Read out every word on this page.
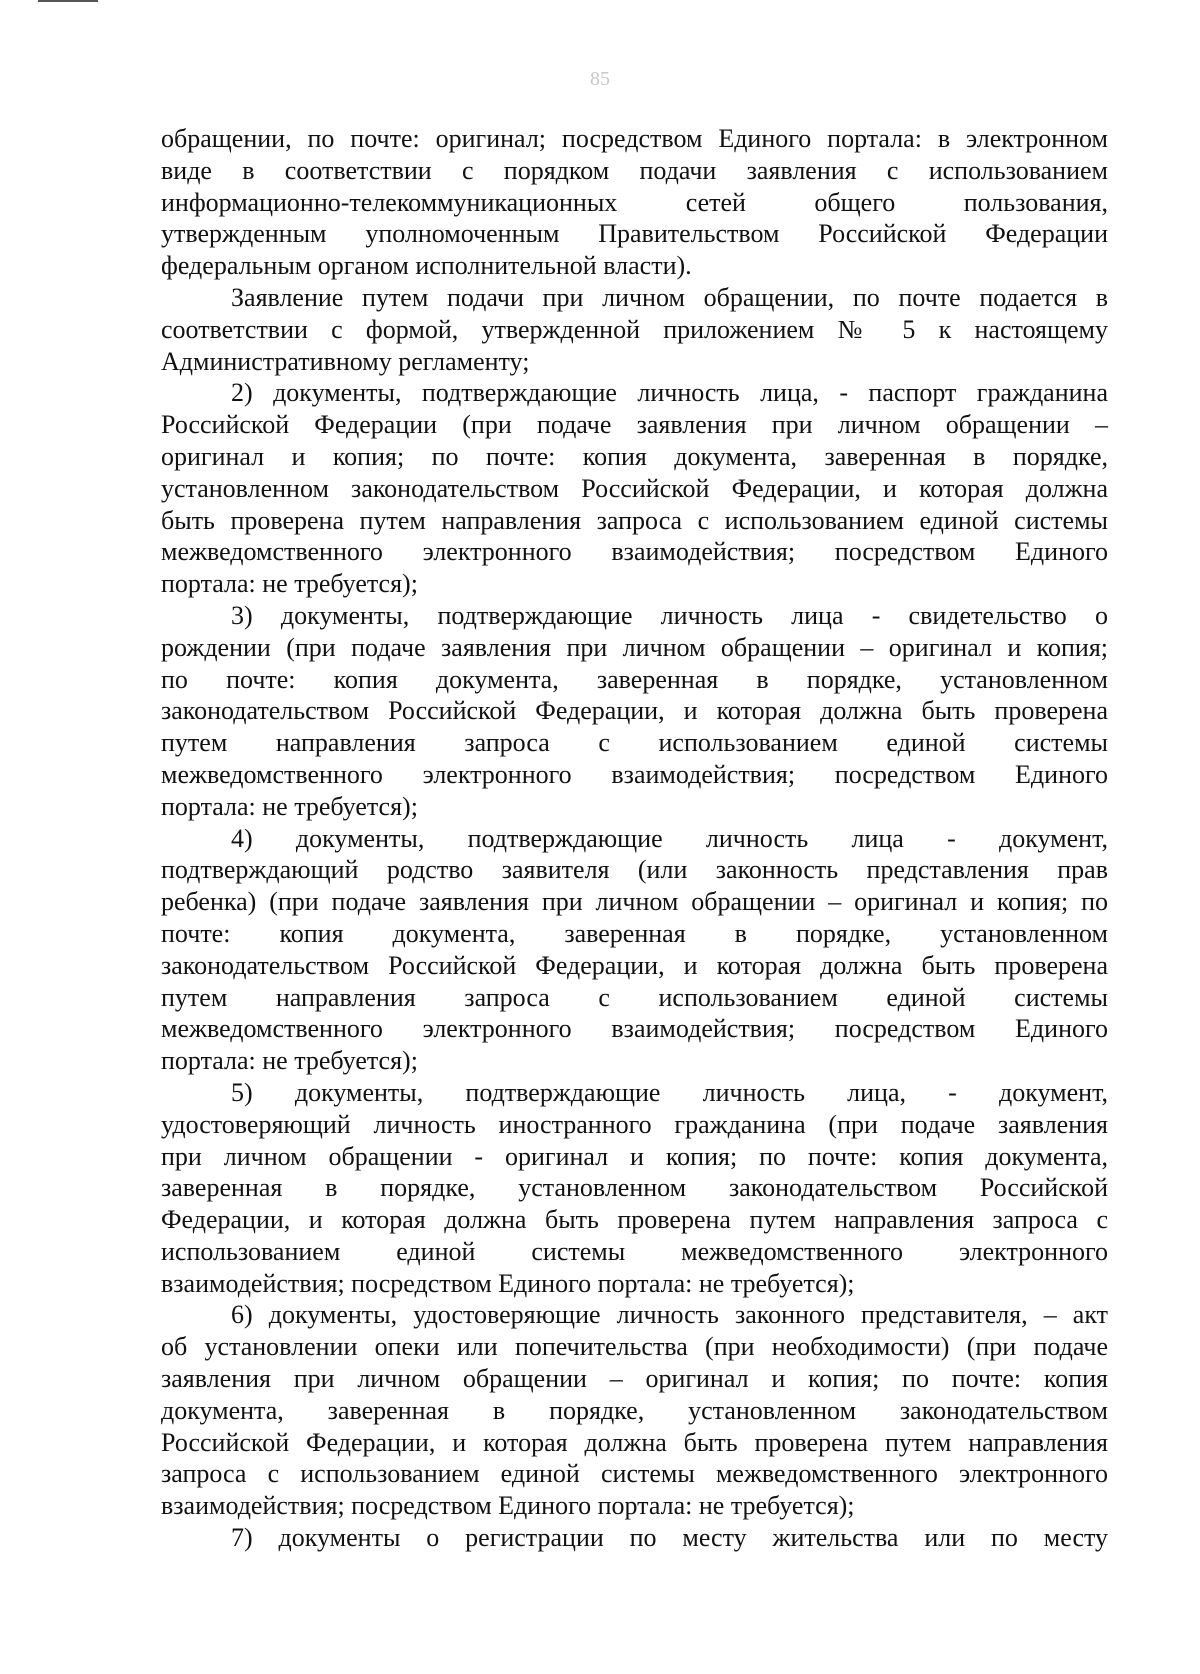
85
обращении, по почте: оригинал; посредством Единого портала: в электронном
виде в соответствии с порядком подачи заявления с использованием
информационно-телекоммуникационных сетей общего пользования,
утвержденным уполномоченным Правительством Российской Федерации
федеральным органом исполнительной власти).
Заявление путем подачи при личном обращении, по почте подается в
соответствии с формой, утвержденной приложением № 5 к настоящему
Административному регламенту;
2) документы, подтверждающие личность лица, - паспорт гражданина
Российской Федерации (при подаче заявления при личном обращении –
оригинал и копия; по почте: копия документа, заверенная в порядке,
установленном законодательством Российской Федерации, и которая должна
быть проверена путем направления запроса с использованием единой системы
межведомственного электронного взаимодействия; посредством Единого
портала: не требуется);
3) документы, подтверждающие личность лица - свидетельство о
рождении (при подаче заявления при личном обращении – оригинал и копия;
по почте: копия документа, заверенная в порядке, установленном
законодательством Российской Федерации, и которая должна быть проверена
путем направления запроса с использованием единой системы
межведомственного электронного взаимодействия; посредством Единого
портала: не требуется);
4) документы, подтверждающие личность лица - документ,
подтверждающий родство заявителя (или законность представления прав
ребенка) (при подаче заявления при личном обращении – оригинал и копия; по
почте: копия документа, заверенная в порядке, установленном
законодательством Российской Федерации, и которая должна быть проверена
путем направления запроса с использованием единой системы
межведомственного электронного взаимодействия; посредством Единого
портала: не требуется);
5) документы, подтверждающие личность лица, - документ,
удостоверяющий личность иностранного гражданина (при подаче заявления
при личном обращении - оригинал и копия; по почте: копия документа,
заверенная в порядке, установленном законодательством Российской
Федерации, и которая должна быть проверена путем направления запроса с
использованием единой системы межведомственного электронного
взаимодействия; посредством Единого портала: не требуется);
6) документы, удостоверяющие личность законного представителя, – акт
об установлении опеки или попечительства (при необходимости) (при подаче
заявления при личном обращении – оригинал и копия; по почте: копия
документа, заверенная в порядке, установленном законодательством
Российской Федерации, и которая должна быть проверена путем направления
запроса с использованием единой системы межведомственного электронного
взаимодействия; посредством Единого портала: не требуется);
7) документы о регистрации по месту жительства или по месту
